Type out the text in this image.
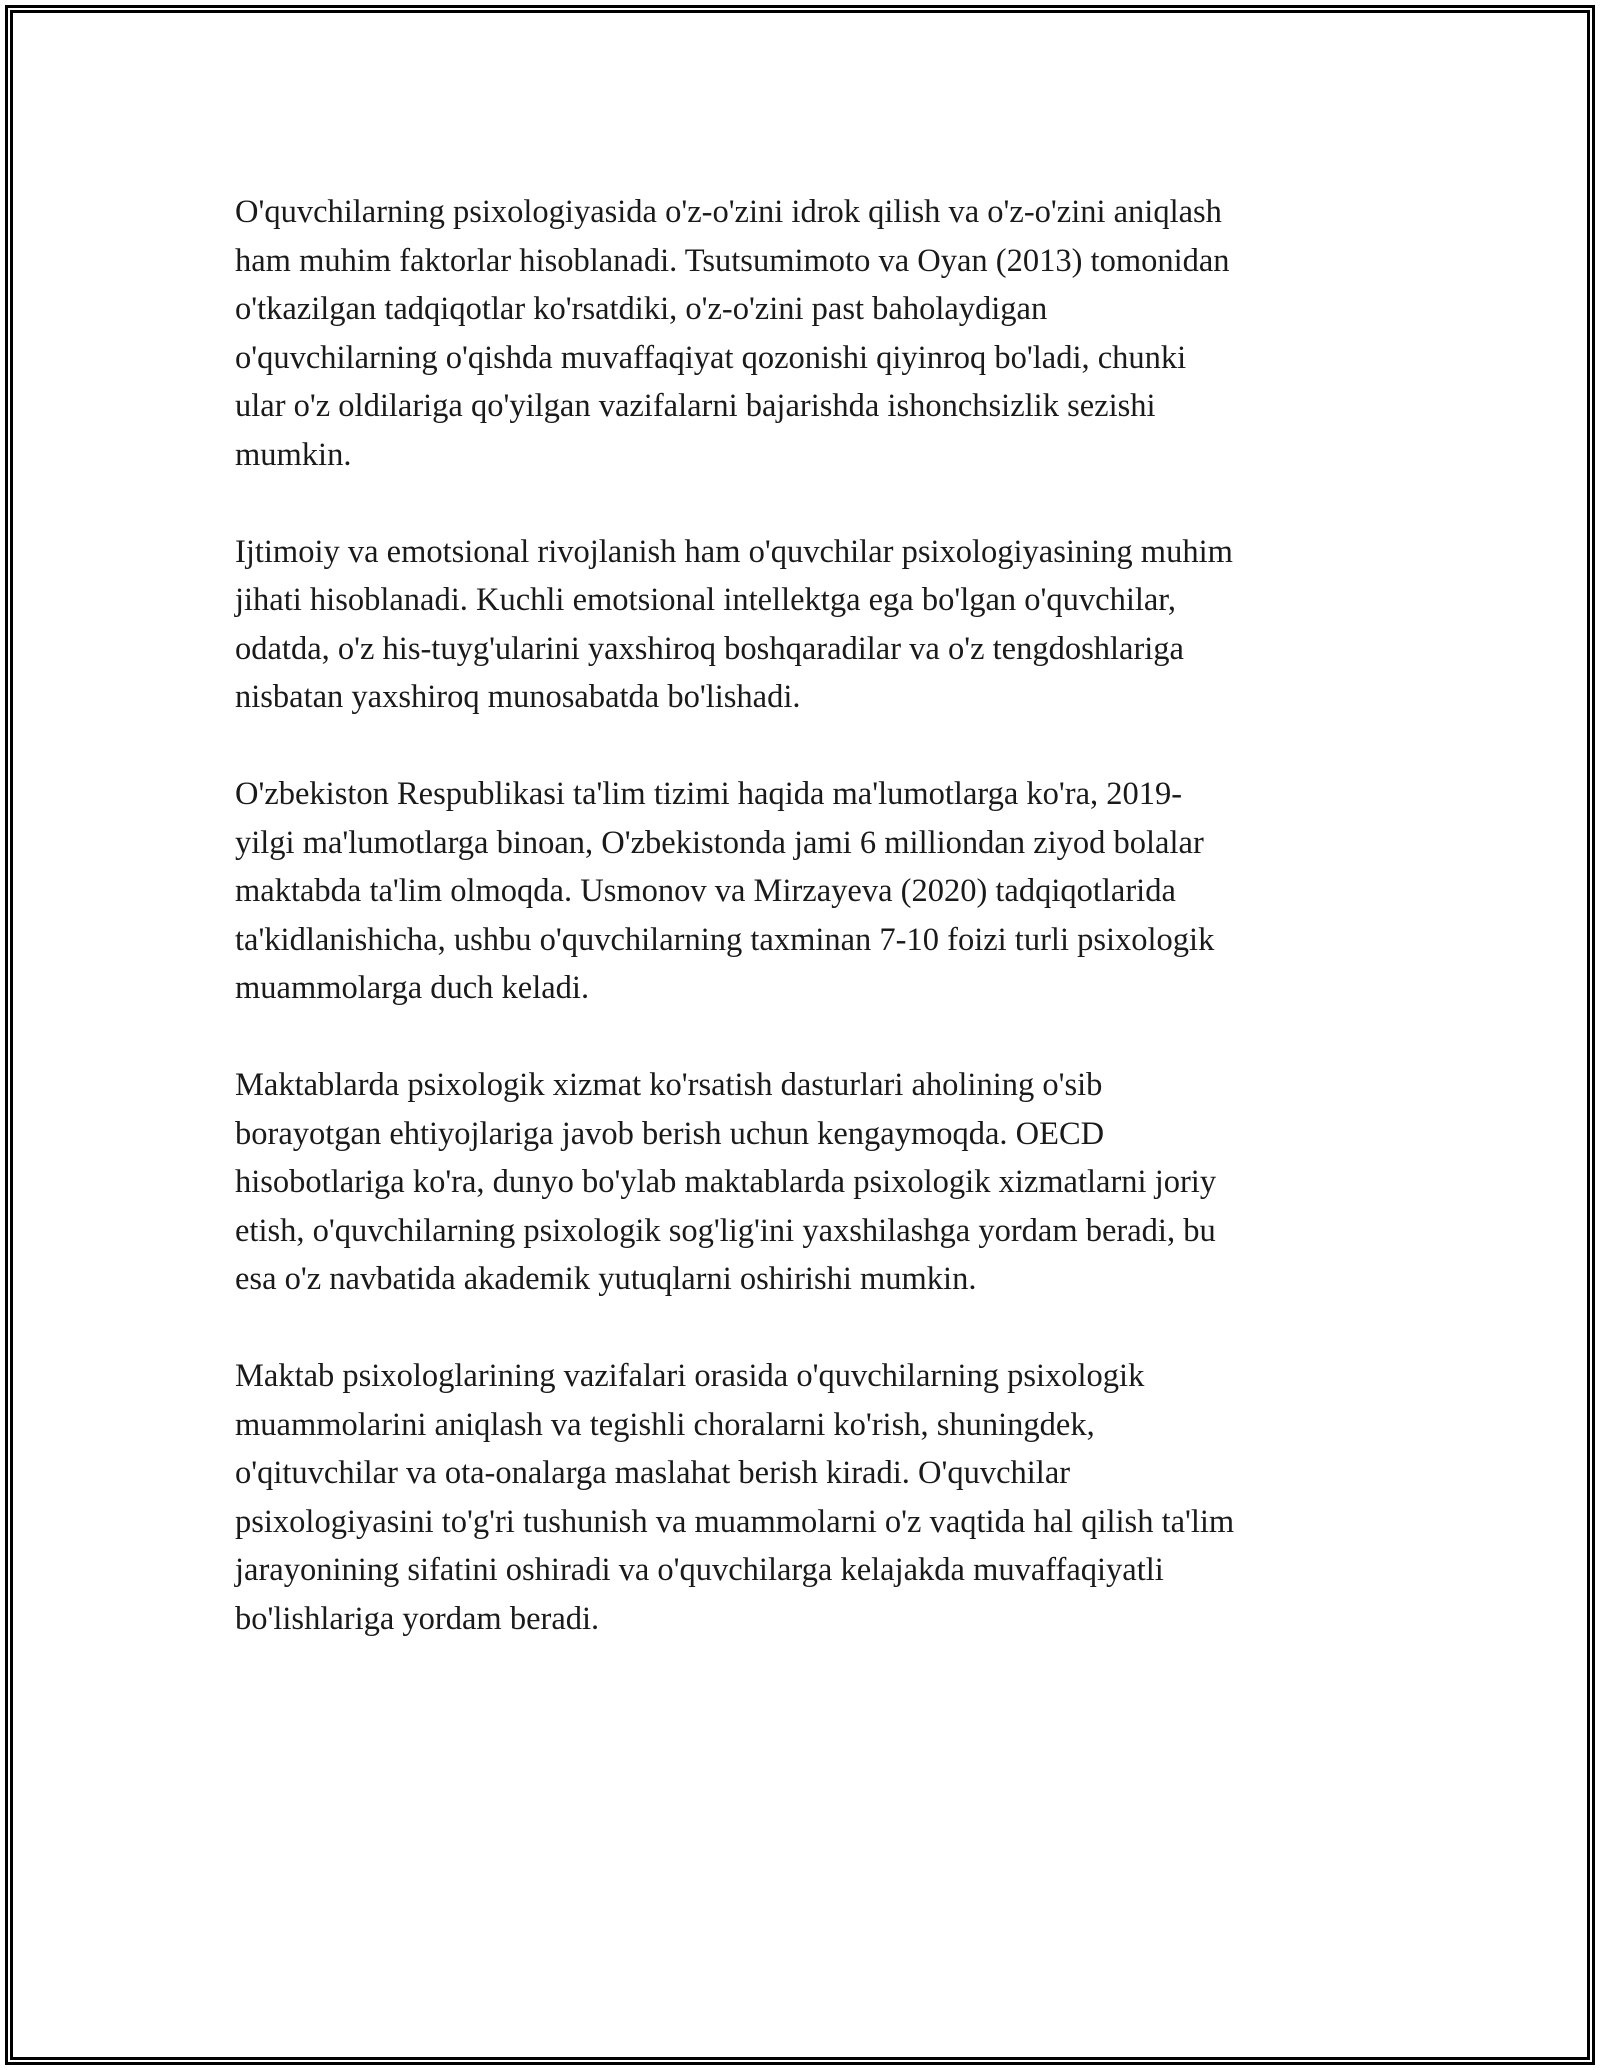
O'quvchilarning psixologiyasida o'z-o'zini idrok qilish va o'z-o'zini aniqlash
ham muhim faktorlar hisoblanadi. Tsutsumimoto va Oyan (2013) tomonidan
o'tkazilgan tadqiqotlar ko'rsatdiki, o'z-o'zini past baholaydigan
o'quvchilarning o'qishda muvaffaqiyat qozonishi qiyinroq bo'ladi, chunki
ular o'z oldilariga qo'yilgan vazifalarni bajarishda ishonchsizlik sezishi
mumkin.

Ijtimoiy va emotsional rivojlanish ham o'quvchilar psixologiyasining muhim
jihati hisoblanadi. Kuchli emotsional intellektga ega bo'lgan o'quvchilar,
odatda, o'z his-tuyg'ularini yaxshiroq boshqaradilar va o'z tengdoshlariga
nisbatan yaxshiroq munosabatda bo'lishadi.

O'zbekiston Respublikasi ta'lim tizimi haqida ma'lumotlarga ko'ra, 2019-
yilgi ma'lumotlarga binoan, O'zbekistonda jami 6 milliondan ziyod bolalar
maktabda ta'lim olmoqda. Usmonov va Mirzayeva (2020) tadqiqotlarida
ta'kidlanishicha, ushbu o'quvchilarning taxminan 7-10 foizi turli psixologik
muammolarga duch keladi.

Maktablarda psixologik xizmat ko'rsatish dasturlari aholining o'sib
borayotgan ehtiyojlariga javob berish uchun kengaymoqda. OECD
hisobotlariga ko'ra, dunyo bo'ylab maktablarda psixologik xizmatlarni joriy
etish, o'quvchilarning psixologik sog'lig'ini yaxshilashga yordam beradi, bu
esa o'z navbatida akademik yutuqlarni oshirishi mumkin.

Maktab psixologlarining vazifalari orasida o'quvchilarning psixologik
muammolarini aniqlash va tegishli choralarni ko'rish, shuningdek,
o'qituvchilar va ota-onalarga maslahat berish kiradi. O'quvchilar
psixologiyasini to'g'ri tushunish va muammolarni o'z vaqtida hal qilish ta'lim
jarayonining sifatini oshiradi va o'quvchilarga kelajakda muvaffaqiyatli
bo'lishlariga yordam beradi.
